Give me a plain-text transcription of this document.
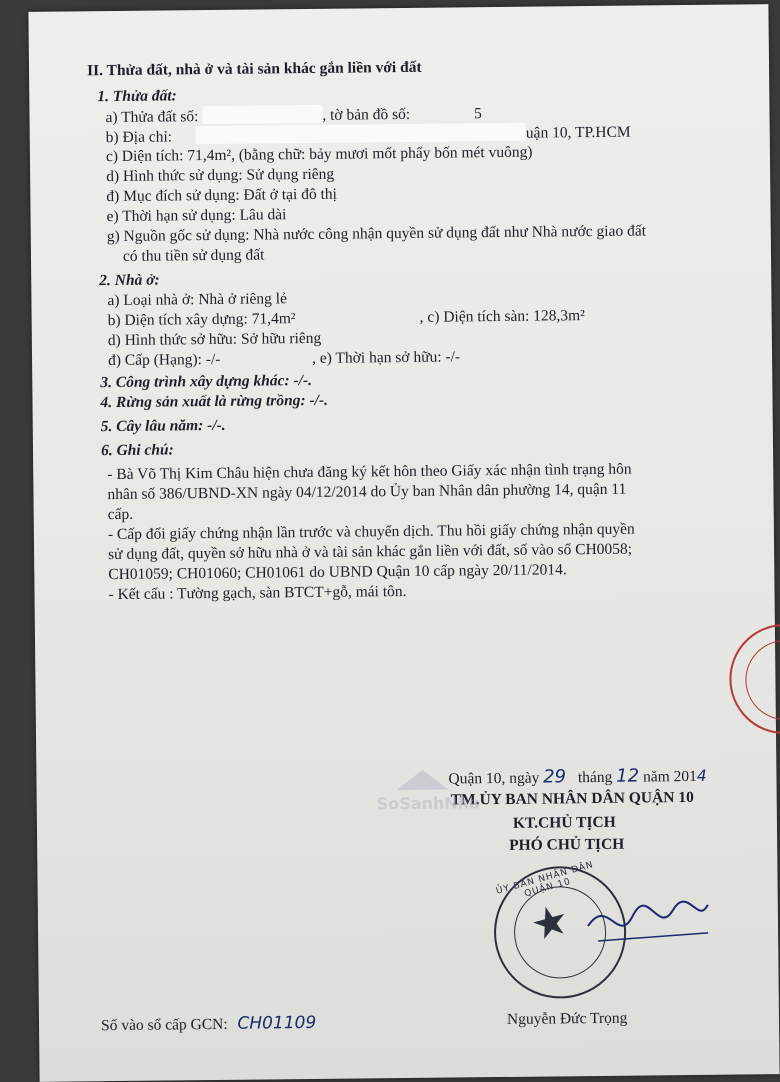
II. Thửa đất, nhà ở và tài sản khác gắn liền với đất
1. Thửa đất:
a) Thửa đất số:	, tờ bản đồ số:	5
b) Địa chỉ:	uận 10, TP.HCM
c) Diện tích: 71,4m², (bằng chữ: bảy mươi mốt phẩy bốn mét vuông)
d) Hình thức sử dụng: Sử dụng riêng
đ) Mục đích sử dụng: Đất ở tại đô thị
e) Thời hạn sử dụng: Lâu dài
g) Nguồn gốc sử dụng: Nhà nước công nhận quyền sử dụng đất như Nhà nước giao đất
có thu tiền sử dụng đất
2. Nhà ở:
a) Loại nhà ở: Nhà ở riêng lẻ
b) Diện tích xây dựng: 71,4m²	, c) Diện tích sàn: 128,3m²
d) Hình thức sở hữu: Sở hữu riêng
đ) Cấp (Hạng): -/-	, e) Thời hạn sở hữu: -/-
3. Công trình xây dựng khác: -/-.
4. Rừng sản xuất là rừng trồng: -/-.
5. Cây lâu năm: -/-.
6. Ghi chú:
- Bà Võ Thị Kim Châu hiện chưa đăng ký kết hôn theo Giấy xác nhận tình trạng hôn
nhân số 386/UBND-XN ngày 04/12/2014 do Ủy ban Nhân dân phường 14, quận 11
cấp.
- Cấp đổi giấy chứng nhận lần trước và chuyển dịch. Thu hồi giấy chứng nhận quyền
sử dụng đất, quyền sở hữu nhà ở và tài sản khác gắn liền với đất, số vào sổ CH0058;
CH01059; CH01060; CH01061 do UBND Quận 10 cấp ngày 20/11/2014.
- Kết cấu : Tường gạch, sàn BTCT+gỗ, mái tôn.
Quận 10, ngày 29 tháng 12 năm 2014
TM.ỦY BAN NHÂN DÂN QUẬN 10
KT.CHỦ TỊCH
PHÓ CHỦ TỊCH
SoSanhNha
ỦY BAN NHÂN DÂN QUẬN 10
★
Số vào sổ cấp GCN: CH01109	Nguyễn Đức Trọng
